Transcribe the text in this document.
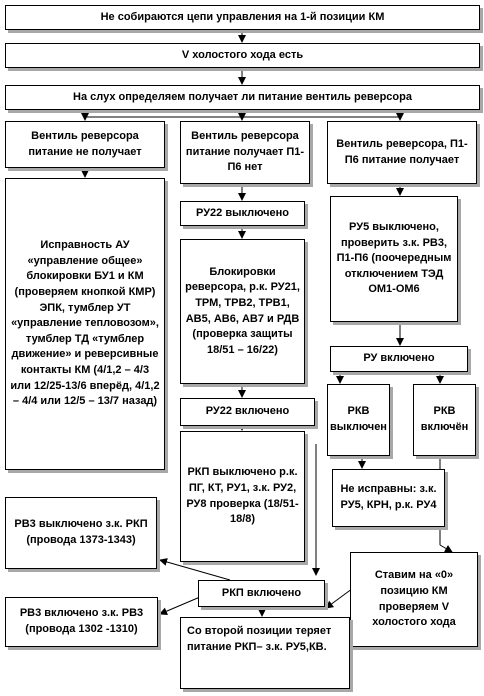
Не собираются цепи управления на 1-й позиции КМ
V холостого хода есть
На слух определяем получает ли питание вентиль реверсора
Вентиль реверсора питание не получает
Вентиль реверсора питание получает П1-П6 нет
Вентиль реверсора, П1-П6 питание получает
Исправность АУ «управление общее» блокировки БУ1 и КМ (проверяем кнопкой КМР) ЭПК, тумблер УТ «управление тепловозом», тумблер ТД «тумблер движение» и реверсивные контакты КМ (4/1,2 – 4/3 или 12/25-13/6 вперёд, 4/1,2 – 4/4 или 12/5 – 13/7 назад)
РУ22 выключено
Блокировки реверсора, р.к. РУ21, ТРМ, ТРВ2, ТРВ1, АВ5, АВ6, АВ7 и РДВ (проверка защиты 18/51 – 16/22)
РУ5 выключено, проверить з.к. РВ3, П1-П6 (поочередным отключением ТЭД ОМ1-ОМ6
РУ включено
РКВ выключен
РКВ включён
РУ22 включено
Не исправны: з.к. РУ5, КРН, р.к. РУ4
РКП выключено р.к. ПГ, КТ, РУ1, з.к. РУ2, РУ8 проверка (18/51- 18/8)
РВ3 выключено з.к. РКП (провода 1373-1343)
Ставим на «0» позицию КМ проверяем V холостого хода
РКП включено
РВ3 включено з.к. РВ3 (провода 1302 -1310)	Со второй позиции теряет питание РКП– з.к. РУ5,КВ.
